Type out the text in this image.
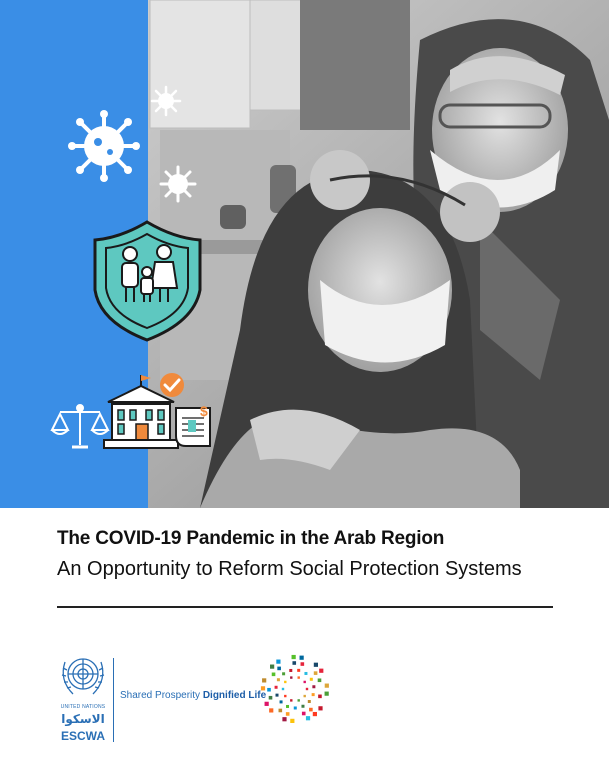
$
The COVID-19 Pandemic in the Arab Region
An Opportunity to Reform Social Protection Systems
UNITED NATIONS
الاسكوا
ESCWA
Shared Prosperity Dignified Life
